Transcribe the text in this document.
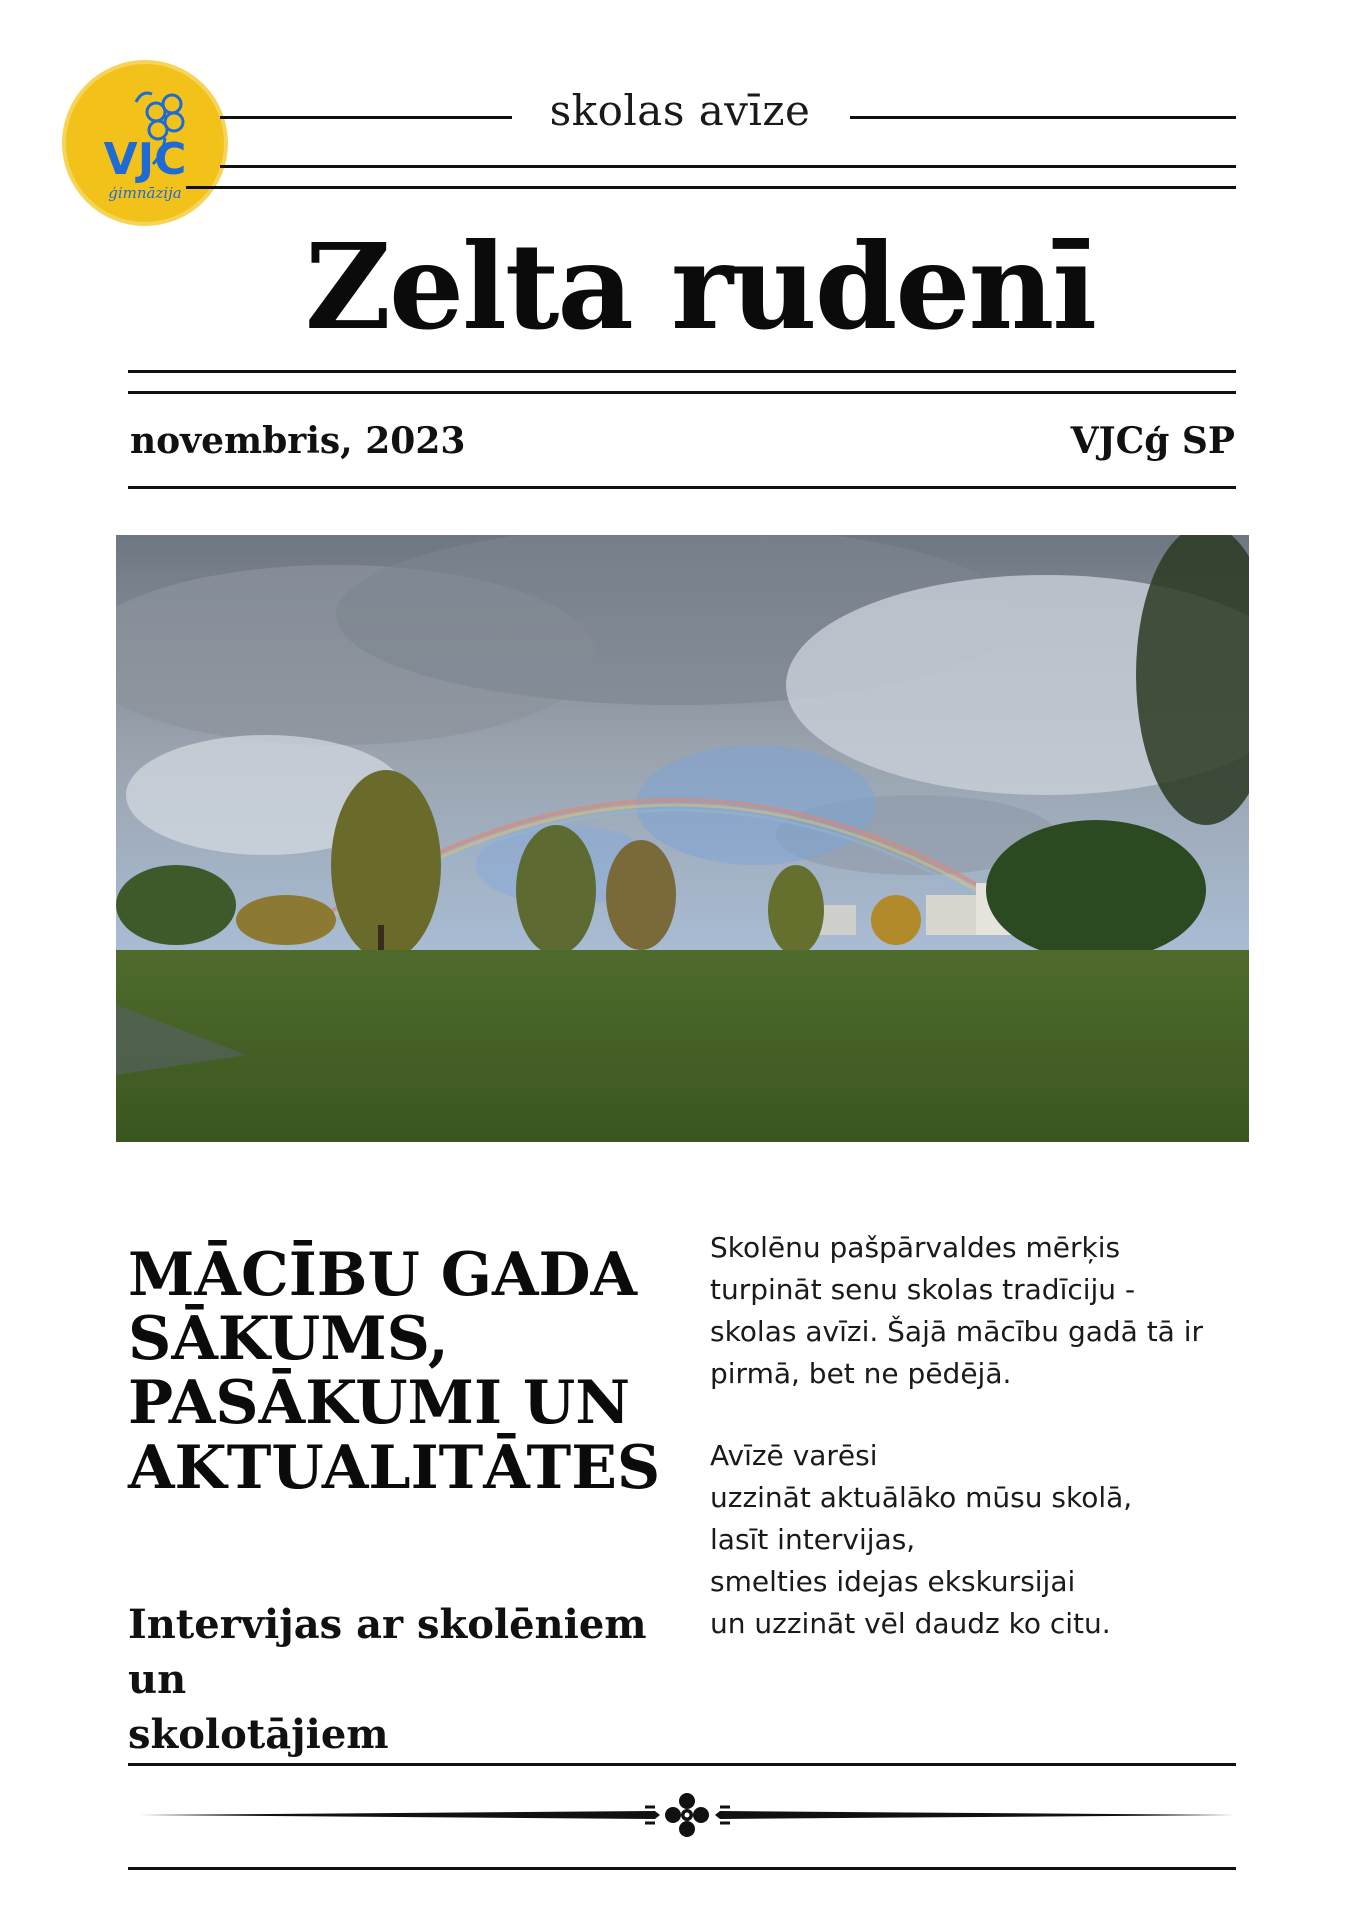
VJC
ģimnāzija
skolas avīze
Zelta rudenī
novembris, 2023	VJCģ SP
MĀCĪBU GADA
SĀKUMS,
PASĀKUMI UN
AKTUALITĀTES
Intervijas ar skolēniem un
skolotājiem

Skolēnu pašpārvaldes mērķis

turpināt senu skolas tradīciju -

skolas avīzi. Šajā mācību gadā tā ir

pirmā, bet ne pēdējā.

Avīzē varēsi

uzzināt aktuālāko mūsu skolā,

lasīt intervijas,

smelties idejas ekskursijai

un uzzināt vēl daudz ko citu.
